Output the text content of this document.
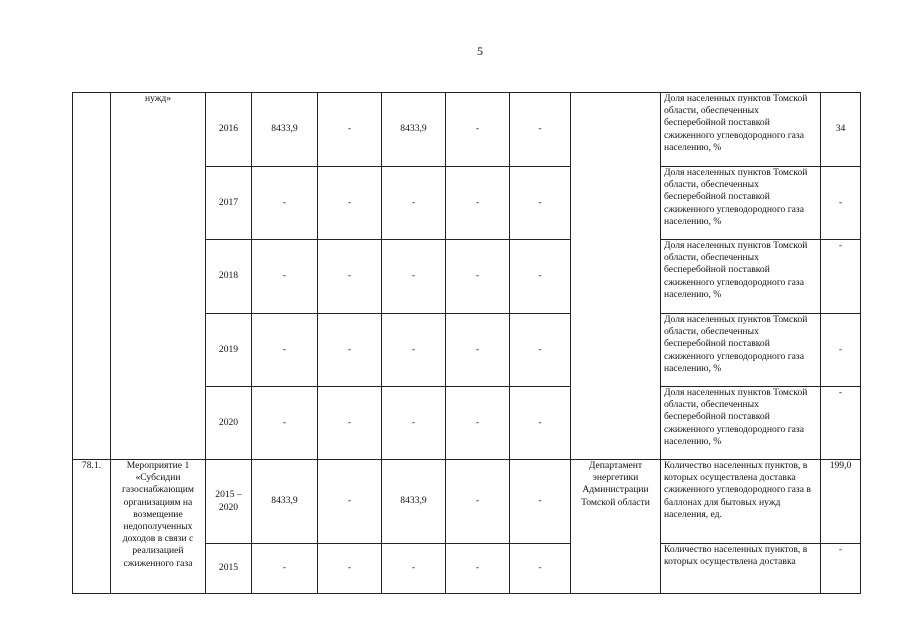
5
	нужд»	2016	8433,9	-	8433,9	-	-		Доля населенных пунктов Томской области, обеспеченных бесперебойной поставкой сжиженного углеводородного газа населению, %	34
		2017	-	-	-	-	-		Доля населенных пунктов Томской области, обеспеченных бесперебойной поставкой сжиженного углеводородного газа населению, %	-
		2018	-	-	-	-	-		Доля населенных пунктов Томской области, обеспеченных бесперебойной поставкой сжиженного углеводородного газа населению, %	-
		2019	-	-	-	-	-		Доля населенных пунктов Томской области, обеспеченных бесперебойной поставкой сжиженного углеводородного газа населению, %	-
		2020	-	-	-	-	-		Доля населенных пунктов Томской области, обеспеченных бесперебойной поставкой сжиженного углеводородного газа населению, %	-
78.1.	Мероприятие 1 «Субсидии газоснабжающим организациям на возмещение недополученных доходов в связи с реализацией сжиженного газа	2015 – 2020	8433,9	-	8433,9	-	-	Департамент энергетики Администрации Томской области	Количество населенных пунктов, в которых осуществлена доставка сжиженного углеводородного газа в баллонах для бытовых нужд населения, ед.	199,0
		2015	-	-	-	-	-		Количество населенных пунктов, в которых осуществлена доставка	-
